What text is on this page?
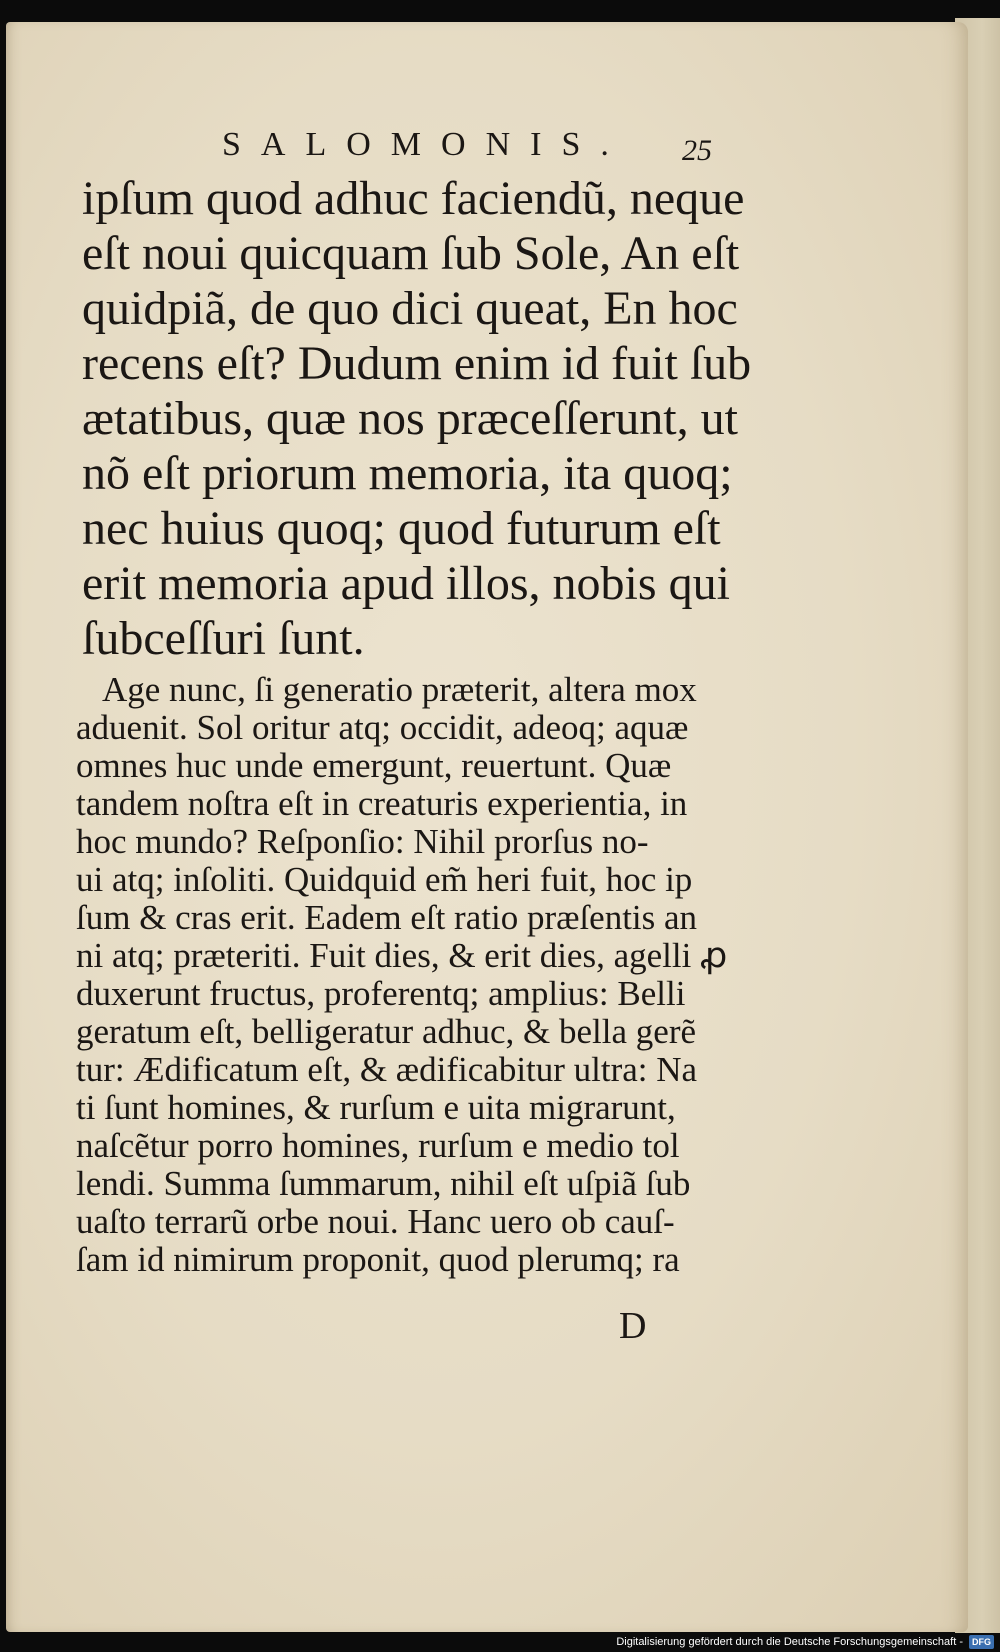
SALOMONIS. 25
ipſum quod adhuc faciendũ, neque
eſt noui quicquam ſub Sole, An eſt
quidpiã, de quo dici queat, En hoc
recens eſt? Dudum enim id fuit ſub
ætatibus, quæ nos præceſſerunt, ut
nõ eſt priorum memoria, ita quoq;
nec huius quoq; quod futurum eſt
erit memoria apud illos, nobis qui
ſubceſſuri ſunt.
Age nunc, ſi generatio præterit, altera mox
aduenit. Sol oritur atq; occidit, adeoq; aquæ
omnes huc unde emergunt, reuertunt. Quæ
tandem noſtra eſt in creaturis experientia, in
hoc mundo? Reſponſio: Nihil prorſus no-
ui atq; inſoliti. Quidquid em̃ heri fuit, hoc ip
ſum & cras erit. Eadem eſt ratio præſentis an
ni atq; præteriti. Fuit dies, & erit dies, agelli ꝓ
duxerunt fructus, proferentq; amplius: Belli
geratum eſt, belligeratur adhuc, & bella gerẽ
tur: Ædificatum eſt, & ædificabitur ultra: Na
ti ſunt homines, & rurſum e uita migrarunt,
naſcẽtur porro homines, rurſum e medio tol
lendi. Summa ſummarum, nihil eſt uſpiã ſub
uaſto terrarũ orbe noui. Hanc uero ob cauſ-
ſam id nimirum proponit, quod plerumq; ra
D
Digitalisierung gefördert durch die Deutsche Forschungsgemeinschaft -	DFG
